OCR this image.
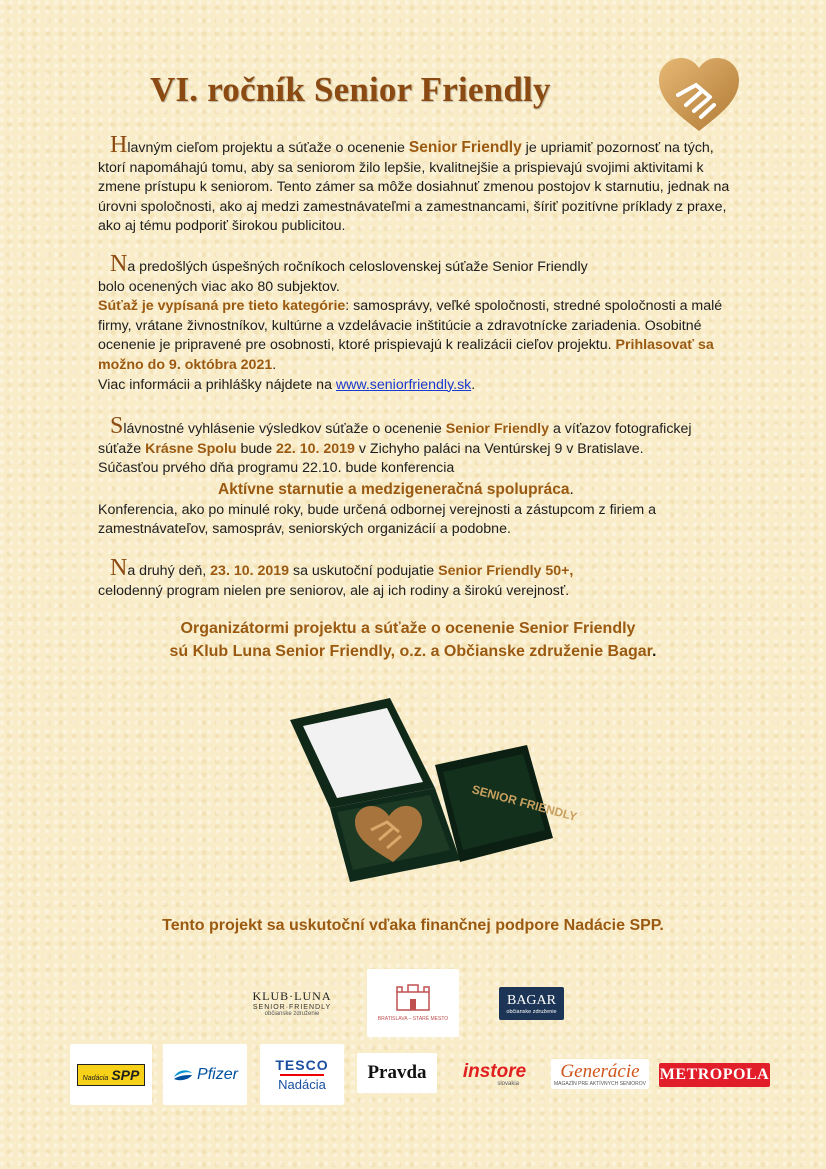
VI. ročník Senior Friendly

Hlavným cieľom projektu a súťaže o ocenenie Senior Friendly je upriamiť pozornosť na tých, ktorí napomáhajú tomu, aby sa seniorom žilo lepšie, kvalitnejšie a prispievajú svojimi aktivitami k zmene prístupu k seniorom. Tento zámer sa môže dosiahnuť zmenou postojov k starnutiu, jednak na úrovni spoločnosti, ako aj medzi zamestnávateľmi a zamestnancami, šíriť pozitívne príklady z praxe, ako aj tému podporiť širokou publicitou.

Na predošlých úspešných ročníkoch celoslovenskej súťaže Senior Friendly
bolo ocenených viac ako 80 subjektov.
Súťaž je vypísaná pre tieto kategórie: samosprávy, veľké spoločnosti, stredné spoločnosti a malé firmy, vrátane živnostníkov, kultúrne a vzdelávacie inštitúcie a zdravotnícke zariadenia. Osobitné ocenenie je pripravené pre osobnosti, ktoré prispievajú k realizácii cieľov projektu. Prihlasovať sa možno do 9. októbra 2021.
Viac informácii a prihlášky nájdete na www.seniorfriendly.sk.

Slávnostné vyhlásenie výsledkov súťaže o ocenenie Senior Friendly a víťazov fotografickej súťaže Krásne Spolu bude 22. 10. 2019 v Zichyho paláci na Ventúrskej 9 v Bratislave.
Súčasťou prvého dňa programu 22.10. bude konferencia

Aktívne starnutie a medzigeneračná spolupráca.

Konferencia, ako po minulé roky, bude určená odbornej verejnosti a zástupcom z firiem a zamestnávateľov, samospráv, seniorských organizácií a podobne.

Na druhý deň, 23. 10. 2019 sa uskutoční podujatie Senior Friendly 50+,
celodenný program nielen pre seniorov, ale aj ich rodiny a širokú verejnosť.

Organizátormi projektu a súťaže o ocenenie Senior Friendly
sú Klub Luna Senior Friendly, o.z. a Občianske združenie Bagar.
SENIOR FRIENDLY
Tento projekt sa uskutoční vďaka finančnej podpore Nadácie SPP.
KLUB·LUNA
SENIOR·FRIENDLY
občianske združenie
BRATISLAVA – STARÉ MESTO
BAGAR
občianske združenie
Nadácia SPP	Pfizer
TESCO
Nadácia
Pravda instore
slovakia
Generácie
MAGAZÍN PRE AKTÍVNYCH SENIOROV
METROPOLA
